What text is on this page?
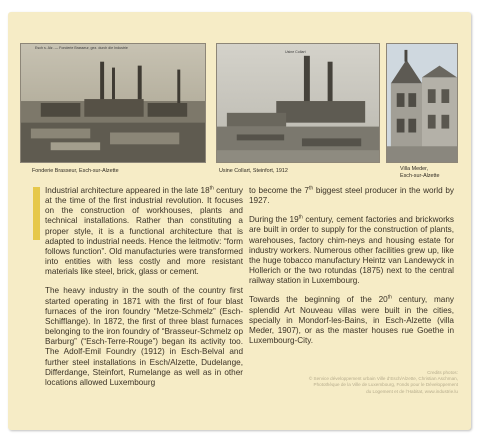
Esch s. Alz. — Fonderie Brasseur, gez. durch die Industrie
Usine Collart
Fonderie Brasseur, Esch-sur-Alzette	Usine Collart, Steinfort, 1912	Villa Meder,
Esch-sur-Alzette

Industrial architecture appeared in the late 18th century at the time of the first industrial revolution. It focuses on the construction of workhouses, plants and technical installations. Rather than constituting a proper style, it is a functional architecture that is adapted to industrial needs. Hence the leitmotiv: “form follows function”. Old manufacturies were transformed into entities with less costly and more resistant materials like steel, brick, glass or cement.

The heavy industry in the south of the country first started operating in 1871 with the first of four blast furnaces of the iron foundry “Metze-Schmelz” (Esch-Schifflange). In 1872, the first of three blast furnaces belonging to the iron foundry of “Brasseur-Schmelz op Barburg” (“Esch-Terre-Rouge”) began its activity too. The Adolf-Emil Foundry (1912) in Esch-Belval and further steel installations in Esch/Alzette, Dudelange, Differdange, Steinfort, Rumelange as well as in other locations allowed Luxembourg

to become the 7th biggest steel producer in the world by 1927.

During the 19th century, cement factories and brickworks are built in order to supply for the construction of plants, warehouses, factory chim-neys and housing estate for industry workers. Numerous other facilities grew up, like the huge tobacco manufactury Heintz van Landewyck in Hollerich or the two rotundas (1875) next to the central railway station in Luxembourg.

Towards the beginning of the 20th century, many splendid Art Nouveau villas were built in the cities, specially in Mondorf-les-Bains, in Esch-Alzette (villa Meder, 1907), or as the master houses rue Goethe in Luxembourg-City.

Credits photos:
© Service développement urbain Ville d’Esch/Alzette, Christian Aschman,
Photothèque de la Ville de Luxembourg, Fonds pour le Développement
du Logement et de l’Habitat, www.industrie.lu
